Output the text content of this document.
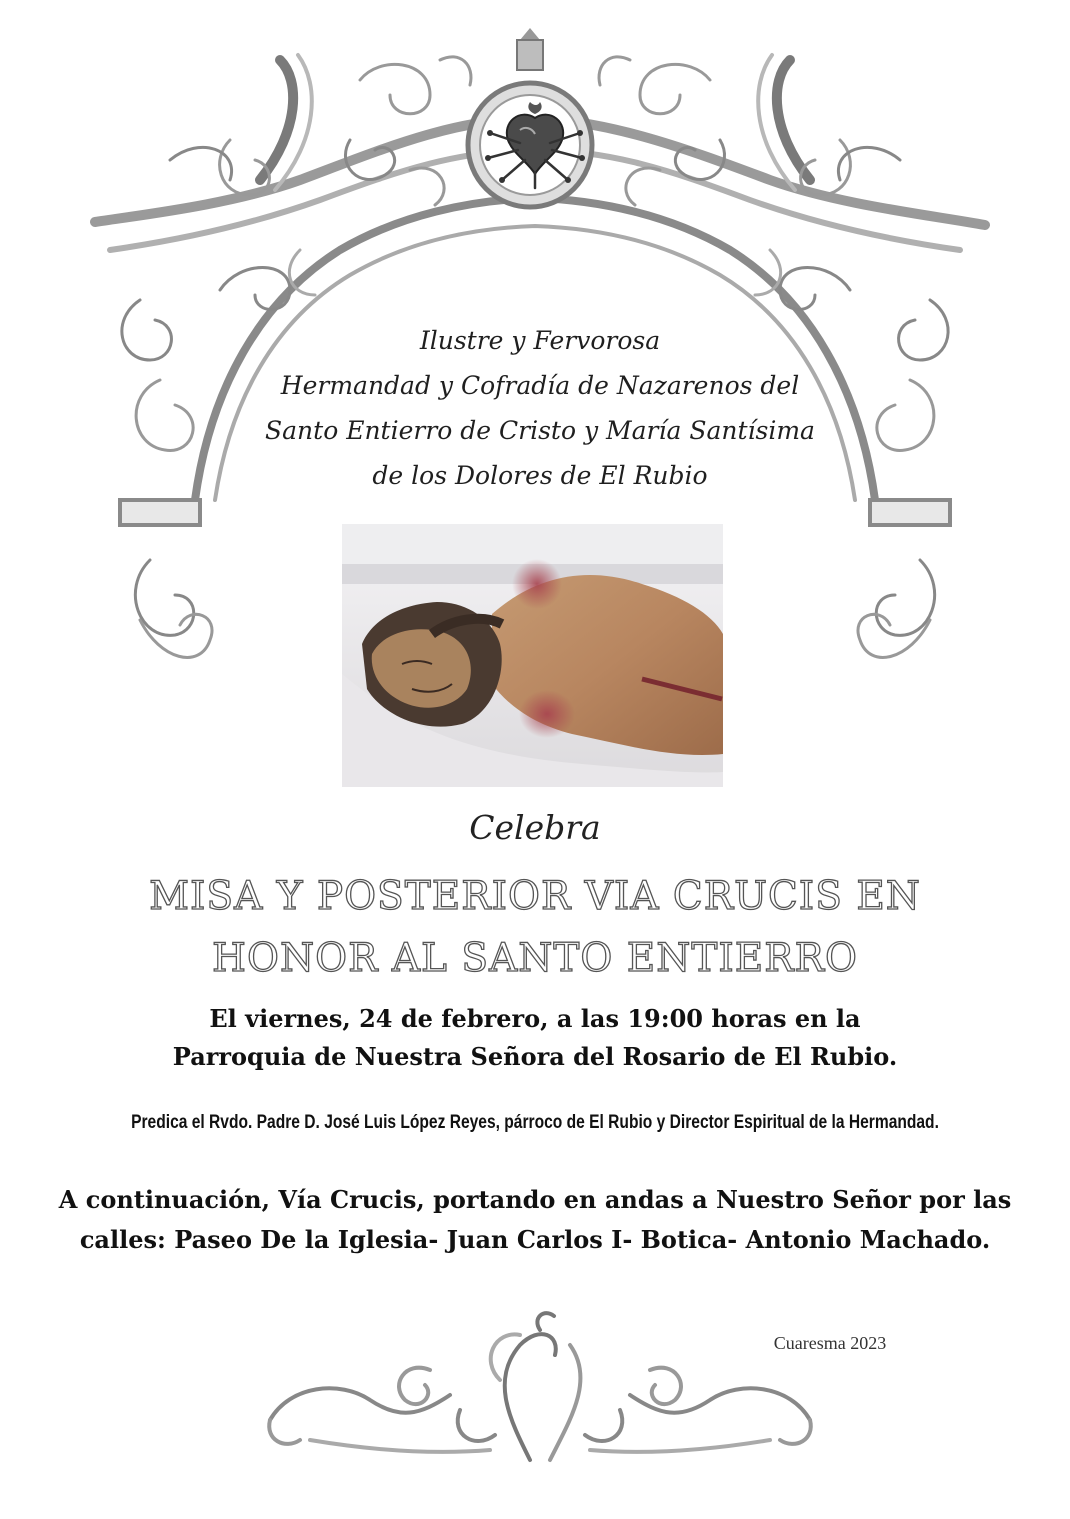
Ilustre y Fervorosa
Hermandad y Cofradía de Nazarenos del
Santo Entierro de Cristo y María Santísima
de los Dolores de El Rubio
Celebra
MISA Y POSTERIOR VIA CRUCIS EN
HONOR AL SANTO ENTIERRO
El viernes, 24 de febrero, a las 19:00 horas en la
Parroquia de Nuestra Señora del Rosario de El Rubio.
Predica el Rvdo. Padre D. José Luis López Reyes, párroco de El Rubio y Director Espiritual de la Hermandad.
A continuación, Vía Crucis, portando en andas a Nuestro Señor por las
calles: Paseo De la Iglesia- Juan Carlos I- Botica- Antonio Machado.
Cuaresma 2023
